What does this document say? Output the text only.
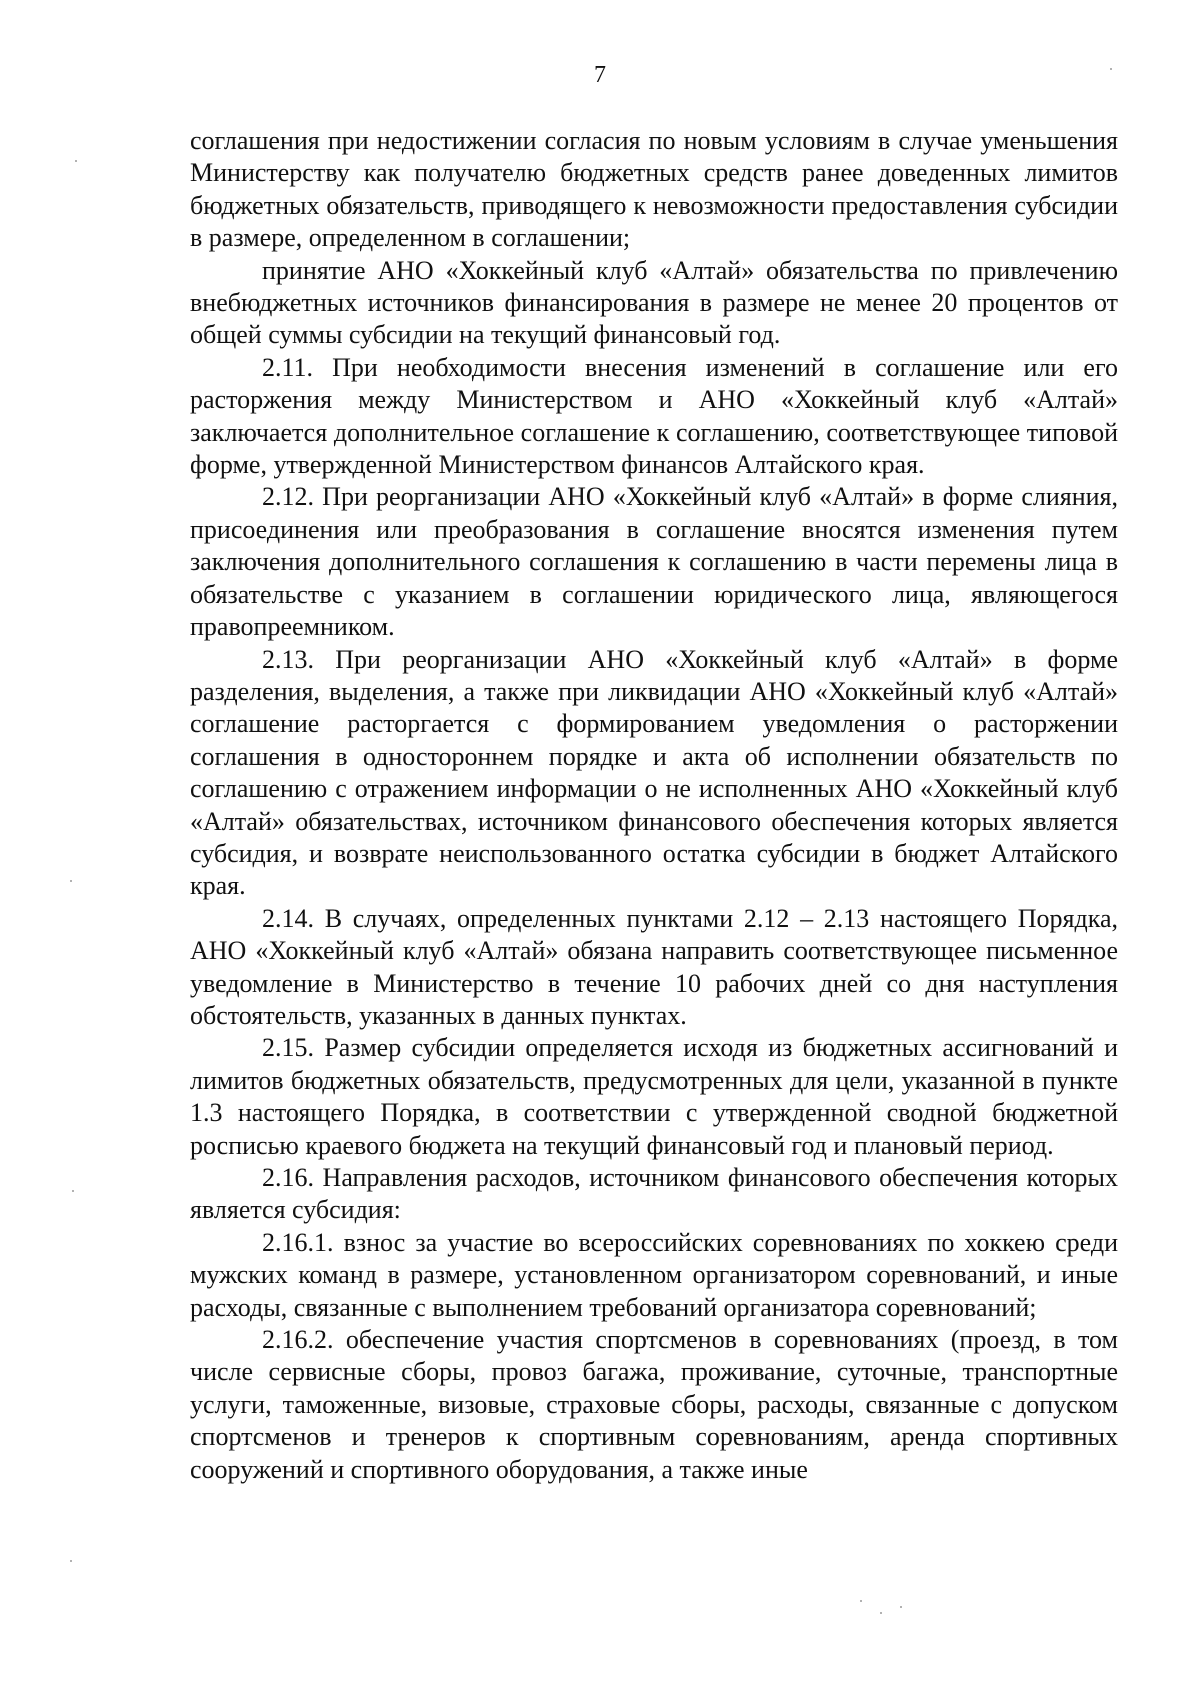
7

соглашения при недостижении согласия по новым условиям в случае уменьшения Министерству как получателю бюджетных средств ранее доведенных лимитов бюджетных обязательств, приводящего к невозможности предоставления субсидии в размере, определенном в соглашении;

принятие АНО «Хоккейный клуб «Алтай» обязательства по привлечению внебюджетных источников финансирования в размере не менее 20 процентов от общей суммы субсидии на текущий финансовый год.

2.11. При необходимости внесения изменений в соглашение или его расторжения между Министерством и АНО «Хоккейный клуб «Алтай» заключается дополнительное соглашение к соглашению, соответствующее типовой форме, утвержденной Министерством финансов Алтайского края.

2.12. При реорганизации АНО «Хоккейный клуб «Алтай» в форме слияния, присоединения или преобразования в соглашение вносятся изменения путем заключения дополнительного соглашения к соглашению в части перемены лица в обязательстве с указанием в соглашении юридического лица, являющегося правопреемником.

2.13. При реорганизации АНО «Хоккейный клуб «Алтай» в форме разделения, выделения, а также при ликвидации АНО «Хоккейный клуб «Алтай» соглашение расторгается с формированием уведомления о расторжении соглашения в одностороннем порядке и акта об исполнении обязательств по соглашению с отражением информации о не исполненных АНО «Хоккейный клуб «Алтай» обязательствах, источником финансового обеспечения которых является субсидия, и возврате неиспользованного остатка субсидии в бюджет Алтайского края.

2.14. В случаях, определенных пунктами 2.12 – 2.13 настоящего Порядка, АНО «Хоккейный клуб «Алтай» обязана направить соответствующее письменное уведомление в Министерство в течение 10 рабочих дней со дня наступления обстоятельств, указанных в данных пунктах.

2.15. Размер субсидии определяется исходя из бюджетных ассигнований и лимитов бюджетных обязательств, предусмотренных для цели, указанной в пункте 1.3 настоящего Порядка, в соответствии с утвержденной сводной бюджетной росписью краевого бюджета на текущий финансовый год и плановый период.

2.16. Направления расходов, источником финансового обеспечения которых является субсидия:

2.16.1. взнос за участие во всероссийских соревнованиях по хоккею среди мужских команд в размере, установленном организатором соревнований, и иные расходы, связанные с выполнением требований организатора соревнований;

2.16.2. обеспечение участия спортсменов в соревнованиях (проезд, в том числе сервисные сборы, провоз багажа, проживание, суточные, транспортные услуги, таможенные, визовые, страховые сборы, расходы, связанные с допуском спортсменов и тренеров к спортивным соревнованиям, аренда спортивных сооружений и спортивного оборудования, а также иные
